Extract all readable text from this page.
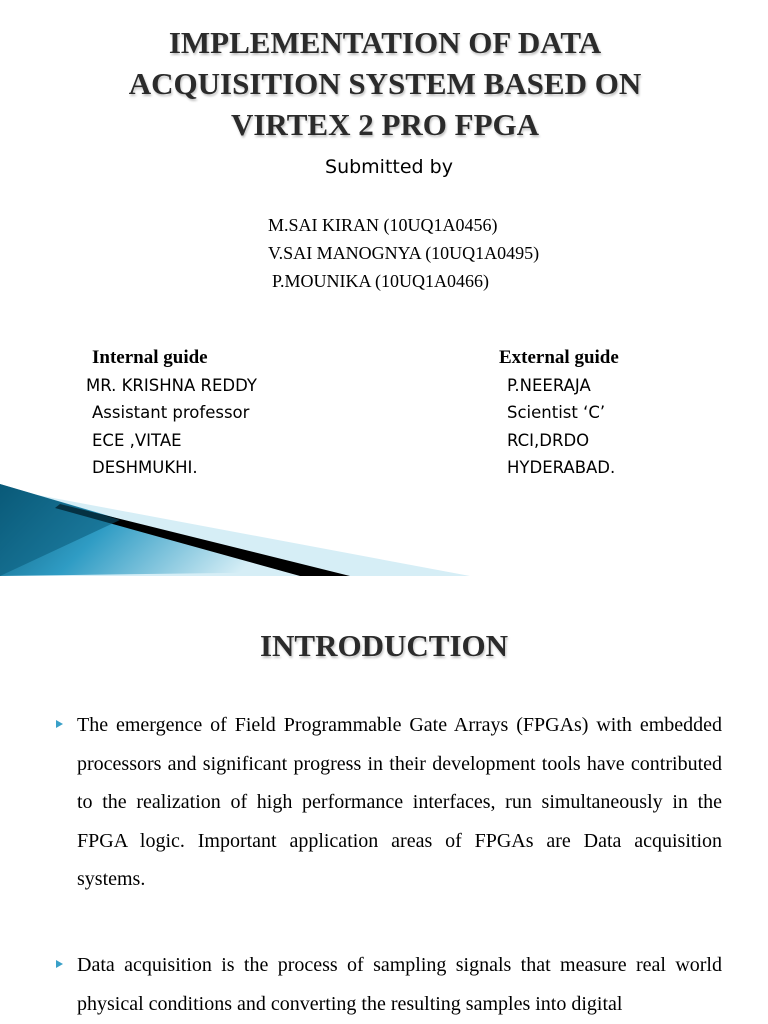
IMPLEMENTATION OF DATA
ACQUISITION SYSTEM BASED ON
VIRTEX 2 PRO FPGA
Submitted by
M.SAI KIRAN (10UQ1A0456)
V.SAI MANOGNYA (10UQ1A0495)
P.MOUNIKA (10UQ1A0466)
Internal guide
MR. KRISHNA REDDY
Assistant professor
ECE ,VITAE
DESHMUKHI.
External guide
P.NEERAJA
Scientist ‘C’
RCI,DRDO
HYDERABAD.
INTRODUCTION
The emergence of Field Programmable Gate Arrays (FPGAs) with embedded processors and significant progress in their development tools have contributed to the realization of high performance interfaces, run simultaneously in the FPGA logic. Important application areas of FPGAs are Data acquisition systems.
Data acquisition is the process of sampling signals that measure real world physical conditions and converting the resulting samples into digital
